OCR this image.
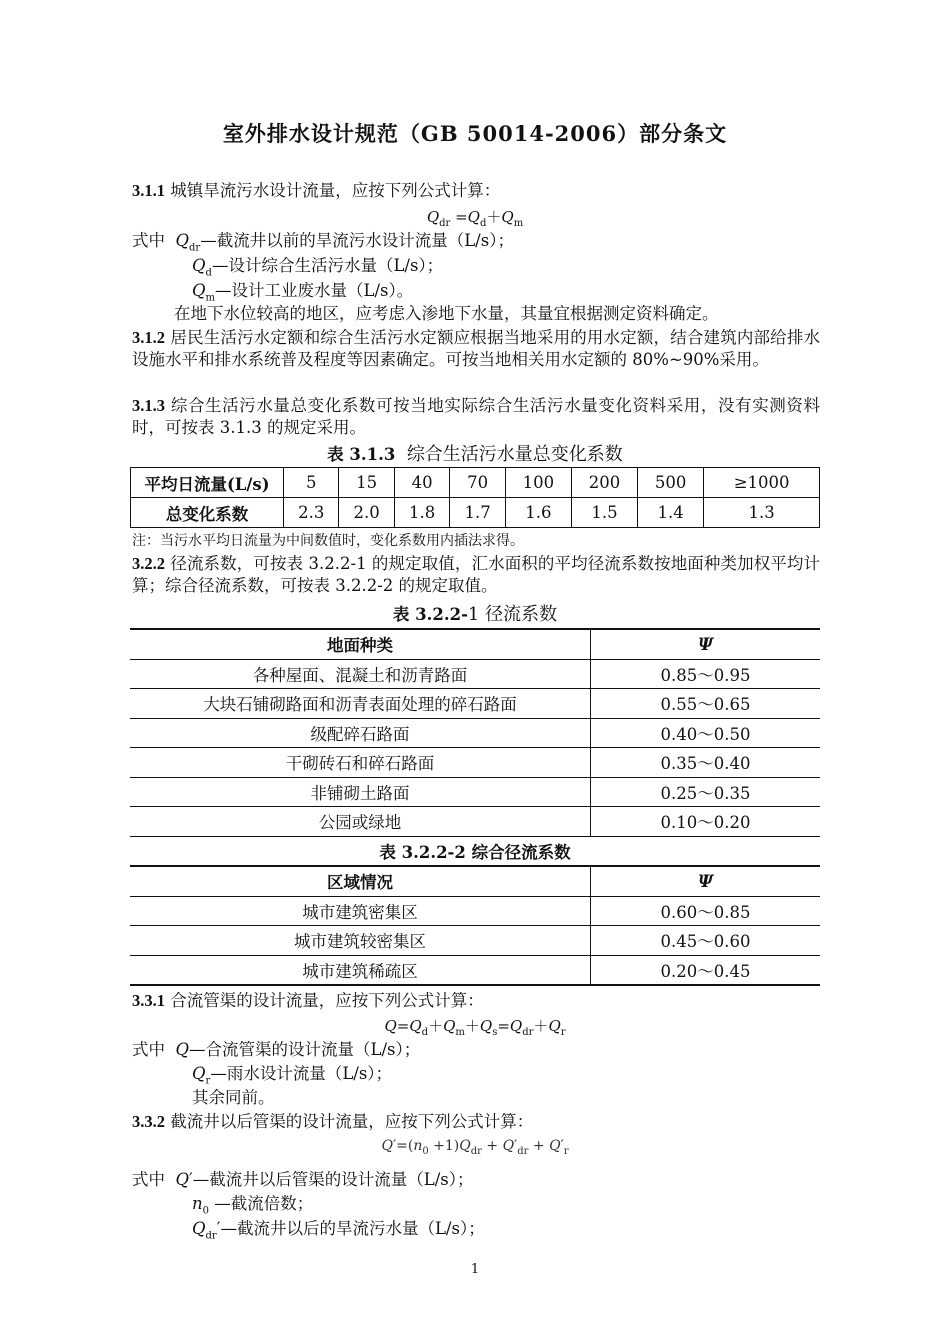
室外排水设计规范（GB 50014-2006）部分条文
3.1.1 城镇旱流污水设计流量，应按下列公式计算：
$Q_{dr} =Q_d+Q_m$
式中 $Q_{dr}—$截流井以前的旱流污水设计流量（L/s）；
$Q_d—$设计综合生活污水量（L/s）；
$Q_m—$设计工业废水量（L/s）。
在地下水位较高的地区，应考虑入渗地下水量，其量宜根据测定资料确定。
3.1.2 居民生活污水定额和综合生活污水定额应根据当地采用的用水定额，结合建筑内部给排水设施水平和排水系统普及程度等因素确定。可按当地相关用水定额的 80%~90%采用。
3.1.3 综合生活污水量总变化系数可按当地实际综合生活污水量变化资料采用，没有实测资料时，可按表 3.1.3 的规定采用。
表 3.1.3 综合生活污水量总变化系数
平均日流量(L/s)	5	15	40	70	100	200	500	≥1000
总变化系数	2.3	2.0	1.8	1.7	1.6	1.5	1.4	1.3
注：当污水平均日流量为中间数值时，变化系数用内插法求得。
3.2.2 径流系数，可按表 3.2.2-1 的规定取值，汇水面积的平均径流系数按地面种类加权平均计算；综合径流系数，可按表 3.2.2-2 的规定取值。
表 3.2.2-1 径流系数
地面种类	Ψ
各种屋面、混凝土和沥青路面	0.85～0.95
大块石铺砌路面和沥青表面处理的碎石路面	0.55～0.65
级配碎石路面	0.40～0.50
干砌砖石和碎石路面	0.35～0.40
非铺砌土路面	0.25～0.35
公园或绿地	0.10～0.20
表 3.2.2-2 综合径流系数	
区域情况	Ψ
城市建筑密集区	0.60～0.85
城市建筑较密集区	0.45～0.60
城市建筑稀疏区	0.20～0.45
3.3.1 合流管渠的设计流量，应按下列公式计算：
$Q=Q_d+Q_m+Q_s=Q_{dr}+Q_r$
式中 Q—合流管渠的设计流量（L/s）；
$Q_r—$雨水设计流量（L/s）；
其余同前。
3.3.2 截流井以后管渠的设计流量，应按下列公式计算：
$Q'=(n_0 +1)Q_{dr} + Q'_{dr} + Q'_r$
式中 Q′—截流井以后管渠的设计流量（L/s）；
$n_0$ —截流倍数；
$Q_{dr}'—$截流井以后的旱流污水量（L/s）；
1
